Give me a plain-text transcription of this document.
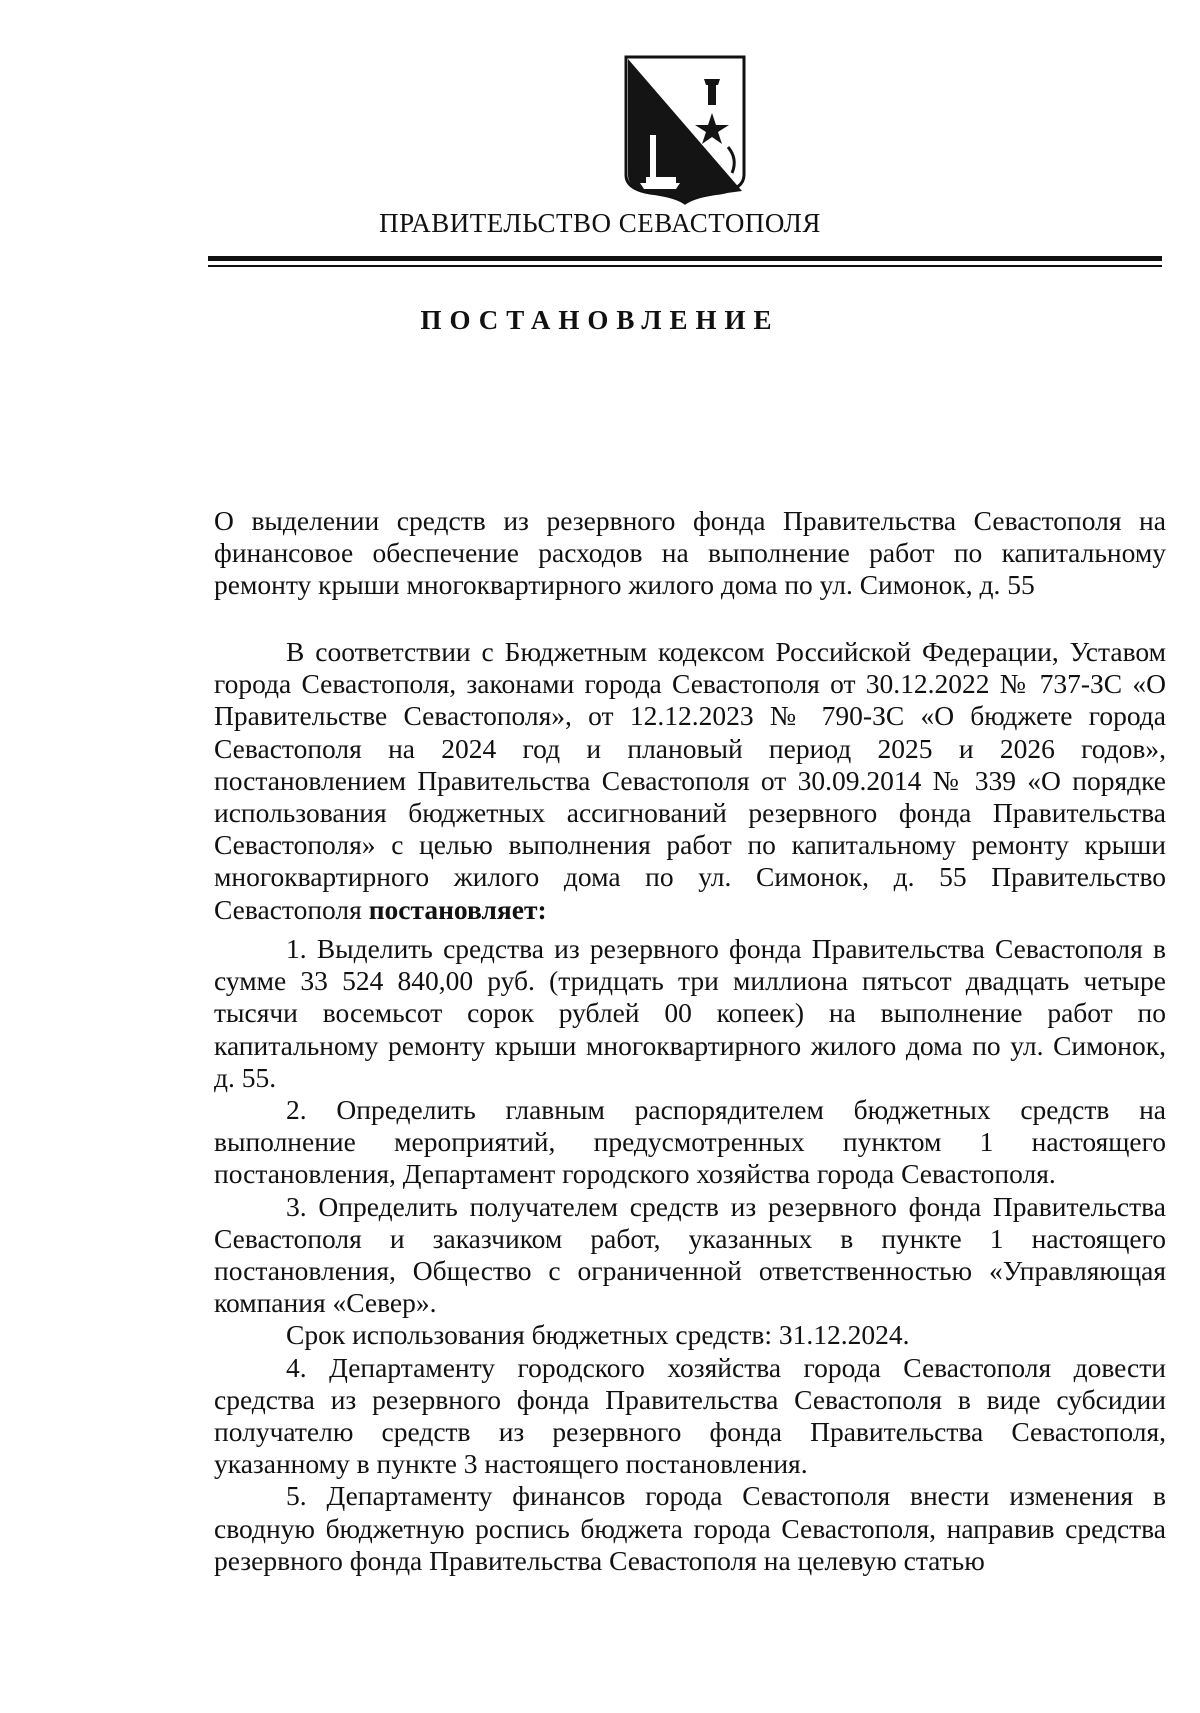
ПРАВИТЕЛЬСТВО СЕВАСТОПОЛЯ
ПОСТАНОВЛЕНИЕ

О выделении средств из резервного фонда Правительства Севастополя на финансовое обеспечение расходов на выполнение работ по капитальному ремонту крыши многоквартирного жилого дома по ул. Симонок, д. 55

В соответствии с Бюджетным кодексом Российской Федерации, Уставом города Севастополя, законами города Севастополя от 30.12.2022 № 737-ЗС «О Правительстве Севастополя», от 12.12.2023 № 790-ЗС «О бюджете города Севастополя на 2024 год и плановый период 2025 и 2026 годов», постановлением Правительства Севастополя от 30.09.2014 № 339 «О порядке использования бюджетных ассигнований резервного фонда Правительства Севастополя» с целью выполнения работ по капитальному ремонту крыши многоквартирного жилого дома по ул. Симонок, д. 55 Правительство Севастополя постановляет:

1. Выделить средства из резервного фонда Правительства Севастополя в сумме 33 524 840,00 руб. (тридцать три миллиона пятьсот двадцать четыре тысячи восемьсот сорок рублей 00 копеек) на выполнение работ по капитальному ремонту крыши многоквартирного жилого дома по ул. Симонок, д. 55.

2. Определить главным распорядителем бюджетных средств на выполнение мероприятий, предусмотренных пунктом 1 настоящего постановления, Департамент городского хозяйства города Севастополя.

3. Определить получателем средств из резервного фонда Правительства Севастополя и заказчиком работ, указанных в пункте 1 настоящего постановления, Общество с ограниченной ответственностью «Управляющая компания «Север».

Срок использования бюджетных средств: 31.12.2024.

4. Департаменту городского хозяйства города Севастополя довести средства из резервного фонда Правительства Севастополя в виде субсидии получателю средств из резервного фонда Правительства Севастополя, указанному в пункте 3 настоящего постановления.

5. Департаменту финансов города Севастополя внести изменения в сводную бюджетную роспись бюджета города Севастополя, направив средства резервного фонда Правительства Севастополя на целевую статью
